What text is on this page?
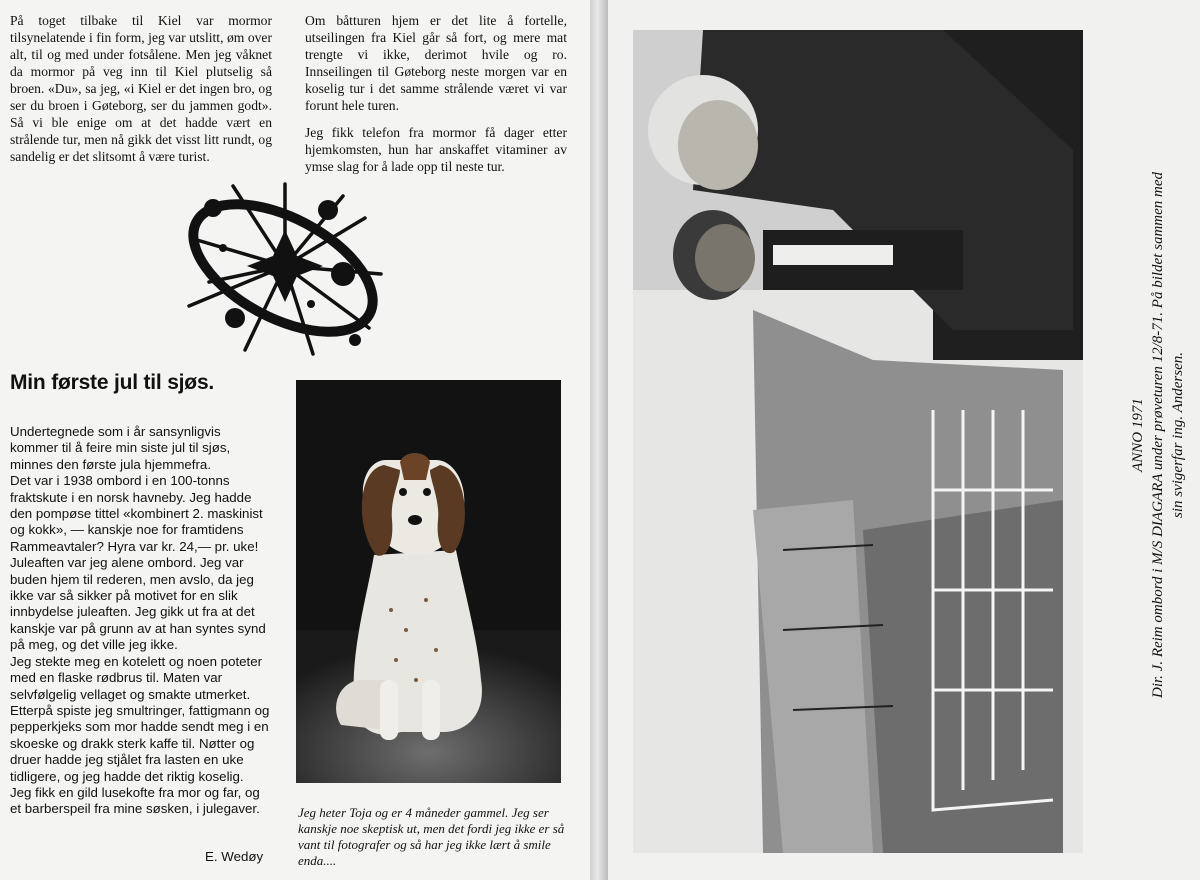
På toget tilbake til Kiel var mormor tilsynelatende i fin form, jeg var utslitt, øm over alt, til og med under fotsålene. Men jeg våknet da mormor på veg inn til Kiel plutselig så broen. «Du», sa jeg, «i Kiel er det ingen bro, og ser du broen i Gøteborg, ser du jammen godt». Så vi ble enige om at det hadde vært en strålende tur, men nå gikk det visst litt rundt, og sandelig er det slitsomt å være turist.

Om båtturen hjem er det lite å fortelle, utseilingen fra Kiel går så fort, og mere mat trengte vi ikke, derimot hvile og ro. Innseilingen til Gøteborg neste morgen var en koselig tur i det samme strålende været vi var forunt hele turen.

Jeg fikk telefon fra mormor få dager etter hjemkomsten, hun har anskaffet vitaminer av ymse slag for å lade opp til neste tur.

Min første jul til sjøs.

Undertegnede som i år sansynligvis kommer til å feire min siste jul til sjøs, minnes den første jula hjemmefra.

Det var i 1938 ombord i en 100-tonns fraktskute i en norsk havneby. Jeg hadde den pompøse tittel «kombinert 2. maskinist og kokk», — kanskje noe for framtidens Rammeavtaler? Hyra var kr. 24,— pr. uke!

Juleaften var jeg alene ombord. Jeg var buden hjem til rederen, men avslo, da jeg ikke var så sikker på motivet for en slik innbydelse juleaften. Jeg gikk ut fra at det kanskje var på grunn av at han syntes synd på meg, og det ville jeg ikke.

Jeg stekte meg en kotelett og noen poteter med en flaske rødbrus til. Maten var selvfølgelig vellaget og smakte utmerket. Etterpå spiste jeg smultringer, fattigmann og pepperkjeks som mor hadde sendt meg i en skoeske og drakk sterk kaffe til. Nøtter og druer hadde jeg stjålet fra lasten en uke tidligere, og jeg hadde det riktig koselig.

Jeg fikk en gild lusekofte fra mor og far, og et barberspeil fra mine søsken, i julegaver.

E. Wedøy
Jeg heter Toja og er 4 måneder gammel. Jeg ser kanskje noe skeptisk ut, men det fordi jeg ikke er så vant til fotografer og så har jeg ikke lært å smile enda....
ANNO 1971 Dir. J. Reim ombord i M/S DIAGARA under prøveturen 12/8-71. På bildet sammen med sin svigerfar ing. Andersen.
